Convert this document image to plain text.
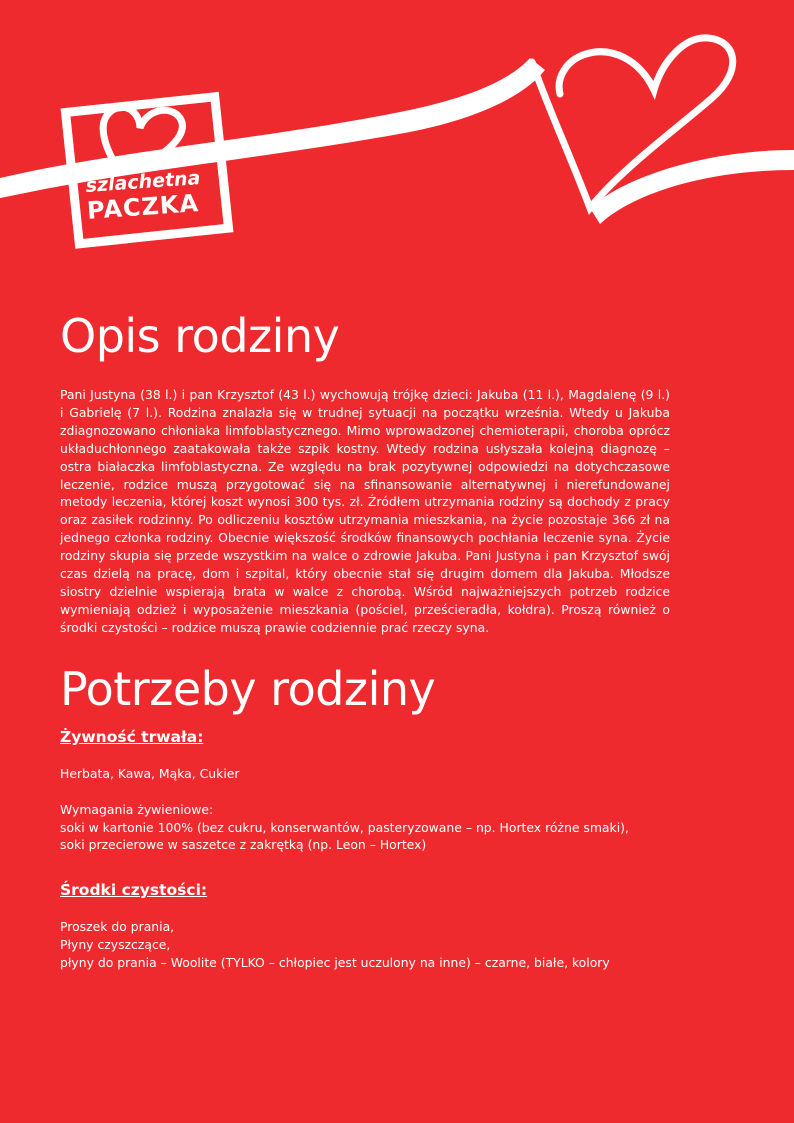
szlachetna
PACZKA
Opis rodziny

Pani Justyna (38 l.) i pan Krzysztof (43 l.) wychowują trójkę dzieci: Jakuba (11 l.), Magdalenę (9 l.) i Gabrielę (7 l.). Rodzina znalazła się w trudnej sytuacji na początku września. Wtedy u Jakuba zdiagnozowano chłoniaka limfoblastycznego. Mimo wprowadzonej chemioterapii, choroba oprócz układuchłonnego zaatakowała także szpik kostny. Wtedy rodzina usłyszała kolejną diagnozę – ostra białaczka limfoblastyczna. Ze względu na brak pozytywnej odpowiedzi na dotychczasowe leczenie, rodzice muszą przygotować się na sfinansowanie alternatywnej i nierefundowanej metody leczenia, której koszt wynosi 300 tys. zł. Źródłem utrzymania rodziny są dochody z pracy oraz zasiłek rodzinny. Po odliczeniu kosztów utrzymania mieszkania, na życie pozostaje 366 zł na jednego członka rodziny. Obecnie większość środków finansowych pochłania leczenie syna. Życie rodziny skupia się przede wszystkim na walce o zdrowie Jakuba. Pani Justyna i pan Krzysztof swój czas dzielą na pracę, dom i szpital, który obecnie stał się drugim domem dla Jakuba. Młodsze siostry dzielnie wspierają brata w walce z chorobą. Wśród najważniejszych potrzeb rodzice wymieniają odzież i wyposażenie mieszkania (pościel, prześcieradła, kołdra). Proszą również o środki czystości – rodzice muszą prawie codziennie prać rzeczy syna.

Potrzeby rodziny
Żywność trwała:

Herbata, Kawa, Mąka, Cukier

Wymagania żywieniowe:

soki w kartonie 100% (bez cukru, konserwantów, pasteryzowane – np. Hortex różne smaki),

soki przecierowe w saszetce z zakrętką (np. Leon – Hortex)

Środki czystości:

Proszek do prania,

Płyny czyszczące,

płyny do prania – Woolite (TYLKO – chłopiec jest uczulony na inne) – czarne, białe, kolory
